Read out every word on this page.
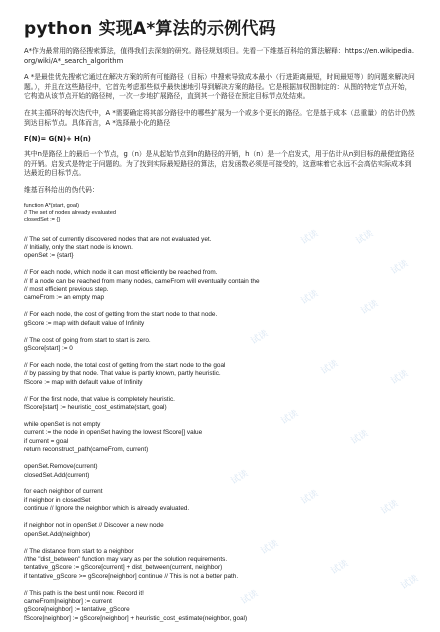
python 实现A*算法的示例代码

A*作为最常用的路径搜索算法，值得我们去深刻的研究。路径规划项目。先看一下维基百科给的算法解释：https://en.wikipedia.org/wiki/A*_search_algorithm

A *是最佳优先搜索它通过在解决方案的所有可能路径（目标）中搜索导致成本最小（行进距离最短，时间最短等）的问题来解决问题。），并且在这些路径中，它首先考虑那些似乎最快速地引导到解决方案的路径。它是根据加权图制定的：从图的特定节点开始，它构造从该节点开始的路径树，一次一步地扩展路径，直到其一个路径在预定目标节点处结束。

在其主循环的每次迭代中，A *需要确定将其部分路径中的哪些扩展为一个或多个更长的路径。它是基于成本（总重量）的估计仍然到达目标节点。具体而言，A *选择最小化的路径

F(N)= G(N)+ H(n)

其中n是路径上的最后一个节点，g（n）是从起始节点到n的路径的开销，h（n）是一个启发式，用于估计从n到目标的最便宜路径的开销。启发式是特定于问题的。为了找到实际最短路径的算法，启发函数必须是可接受的，这意味着它永远不会高估实际成本到达最近的目标节点。

维基百科给出的伪代码：

function A*(start, goal)
// The set of nodes already evaluated
closedSet := {}
// The set of currently discovered nodes that are not evaluated yet.
// Initially, only the start node is known.
openSet := {start}
// For each node, which node it can most efficiently be reached from.
// If a node can be reached from many nodes, cameFrom will eventually contain the
// most efficient previous step.
cameFrom := an empty map
// For each node, the cost of getting from the start node to that node.
gScore := map with default value of Infinity
// The cost of going from start to start is zero.
gScore[start] := 0
// For each node, the total cost of getting from the start node to the goal
// by passing by that node. That value is partly known, partly heuristic.
fScore := map with default value of Infinity
// For the first node, that value is completely heuristic.
fScore[start] := heuristic_cost_estimate(start, goal)
while openSet is not empty
current := the node in openSet having the lowest fScore[] value
if current = goal
return reconstruct_path(cameFrom, current)
openSet.Remove(current)
closedSet.Add(current)
for each neighbor of current
if neighbor in closedSet
continue // Ignore the neighbor which is already evaluated.
if neighbor not in openSet // Discover a new node
openSet.Add(neighbor)
// The distance from start to a neighbor
//the "dist_between" function may vary as per the solution requirements.
tentative_gScore := gScore[current] + dist_between(current, neighbor)
if tentative_gScore >= gScore[neighbor] continue // This is not a better path.
// This path is the best until now. Record it!
cameFrom[neighbor] := current
gScore[neighbor] := tentative_gScore
fScore[neighbor] := gScore[neighbor] + heuristic_cost_estimate(neighbor, goal)
试读	试读
试读
试读
试读
试读
试读
试读
试读
试读
试读
试读
试读
试读
试读
试读
试读
